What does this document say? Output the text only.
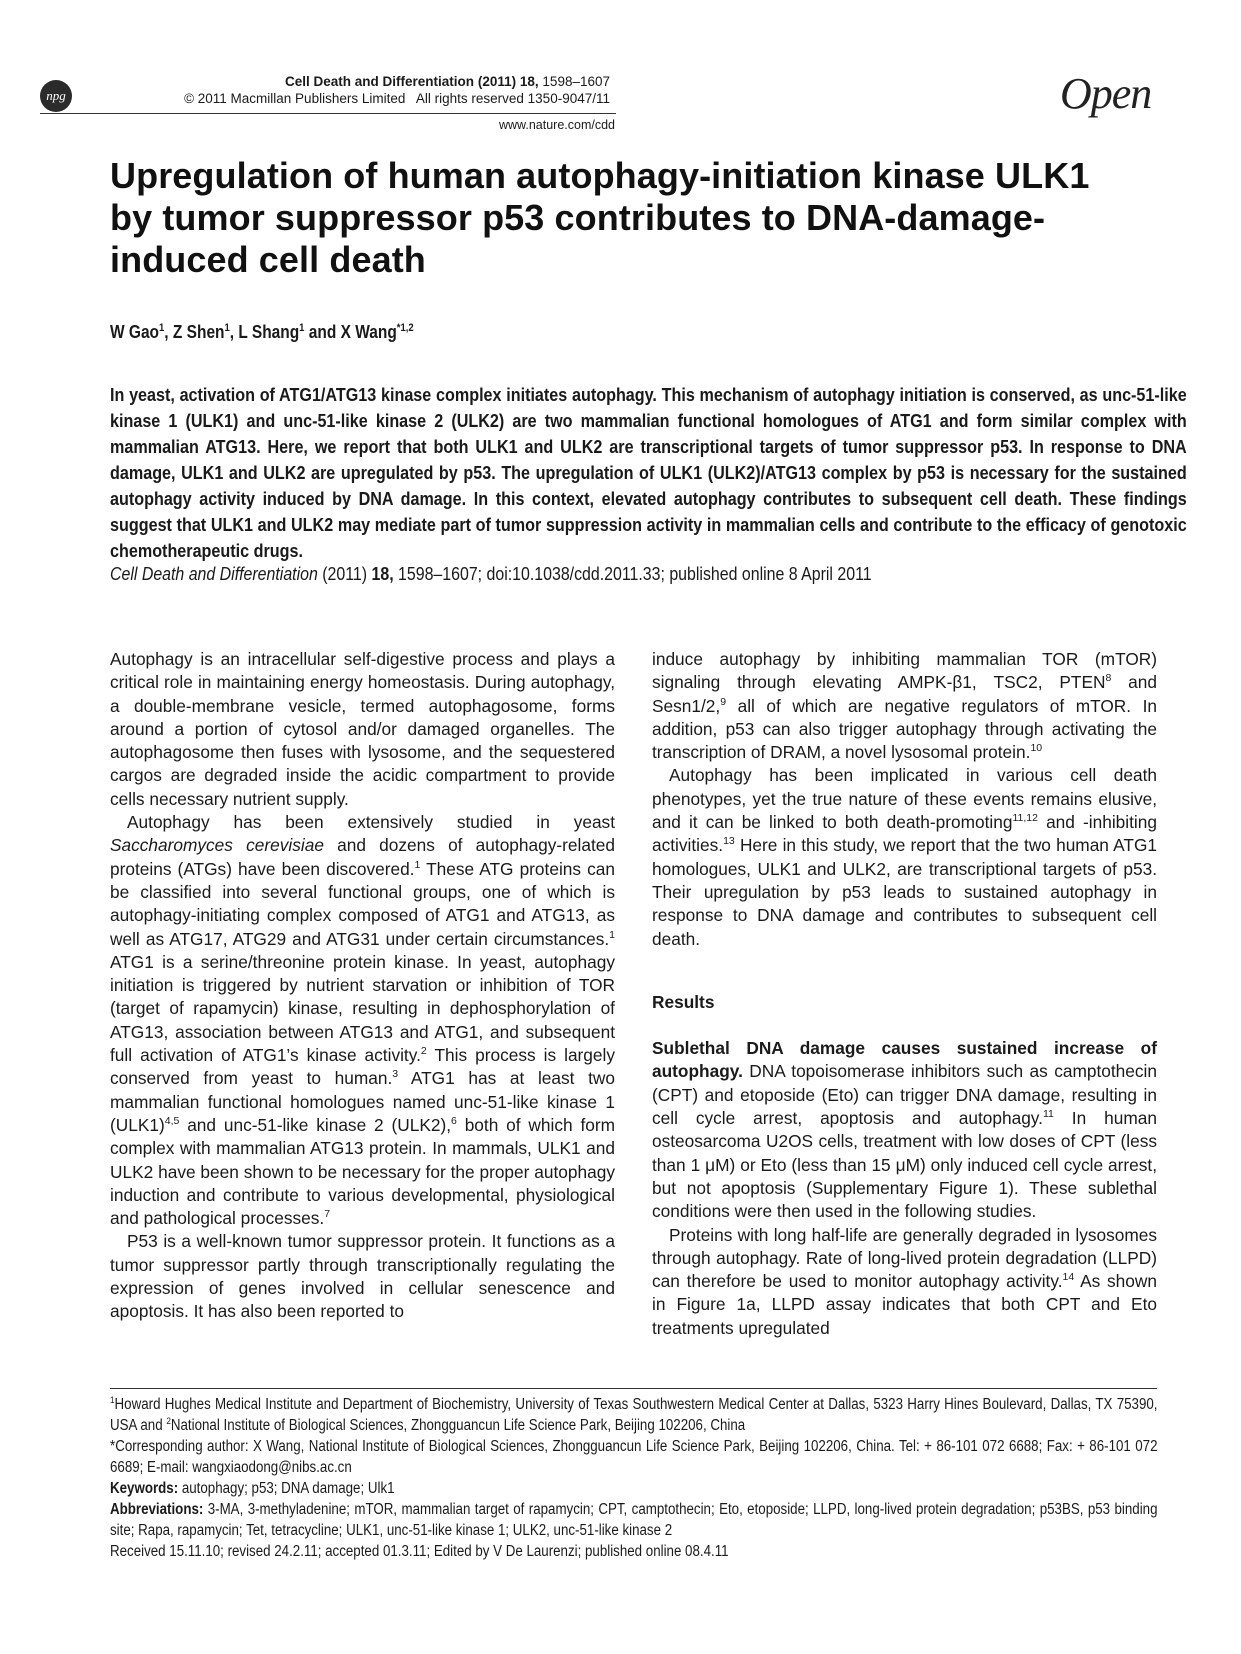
npg
Cell Death and Differentiation (2011) 18, 1598–1607
© 2011 Macmillan Publishers Limited All rights reserved 1350-9047/11
www.nature.com/cdd
Open
Upregulation of human autophagy-initiation kinase ULK1 by tumor suppressor p53 contributes to DNA-damage-induced cell death
W Gao$^1$, Z Shen$^1$, L Shang$^1$ and X Wang$^{*1,2}$

In yeast, activation of ATG1/ATG13 kinase complex initiates autophagy. This mechanism of autophagy initiation is conserved, as unc-51-like kinase 1 (ULK1) and unc-51-like kinase 2 (ULK2) are two mammalian functional homologues of ATG1 and form similar complex with mammalian ATG13. Here, we report that both ULK1 and ULK2 are transcriptional targets of tumor suppressor p53. In response to DNA damage, ULK1 and ULK2 are upregulated by p53. The upregulation of ULK1 (ULK2)/ATG13 complex by p53 is necessary for the sustained autophagy activity induced by DNA damage. In this context, elevated autophagy contributes to subsequent cell death. These findings suggest that ULK1 and ULK2 may mediate part of tumor suppression activity in mammalian cells and contribute to the efficacy of genotoxic chemotherapeutic drugs.

Cell Death and Differentiation (2011) 18, 1598–1607; doi:10.1038/cdd.2011.33; published online 8 April 2011

Autophagy is an intracellular self-digestive process and plays a critical role in maintaining energy homeostasis. During autophagy, a double-membrane vesicle, termed autophagosome, forms around a portion of cytosol and/or damaged organelles. The autophagosome then fuses with lysosome, and the sequestered cargos are degraded inside the acidic compartment to provide cells necessary nutrient supply.

Autophagy has been extensively studied in yeast Saccharomyces cerevisiae and dozens of autophagy-related proteins (ATGs) have been discovered.$^1$ These ATG proteins can be classified into several functional groups, one of which is autophagy-initiating complex composed of ATG1 and ATG13, as well as ATG17, ATG29 and ATG31 under certain circumstances.$^1$ ATG1 is a serine/threonine protein kinase. In yeast, autophagy initiation is triggered by nutrient starvation or inhibition of TOR (target of rapamycin) kinase, resulting in dephosphorylation of ATG13, association between ATG13 and ATG1, and subsequent full activation of ATG1’s kinase activity.$^2$ This process is largely conserved from yeast to human.$^3$ ATG1 has at least two mammalian functional homologues named unc-51-like kinase 1 $(ULK1)^{4,5}$ and unc-51-like kinase 2 (ULK2),$^6$ both of which form complex with mammalian ATG13 protein. In mammals, ULK1 and ULK2 have been shown to be necessary for the proper autophagy induction and contribute to various developmental, physiological and pathological processes.$^7$

P53 is a well-known tumor suppressor protein. It functions as a tumor suppressor partly through transcriptionally regulating the expression of genes involved in cellular senescence and apoptosis. It has also been reported to

induce autophagy by inhibiting mammalian TOR (mTOR) signaling through elevating AMPK-β1, TSC2, PTEN$^8$ and Sesn1/2,$^9$ all of which are negative regulators of mTOR. In addition, p53 can also trigger autophagy through activating the transcription of DRAM, a novel lysosomal protein.$^{10}$

Autophagy has been implicated in various cell death phenotypes, yet the true nature of these events remains elusive, and it can be linked to both death-promoting$^{11,12}$ and -inhibiting activities.$^{13}$ Here in this study, we report that the two human ATG1 homologues, ULK1 and ULK2, are transcriptional targets of p53. Their upregulation by p53 leads to sustained autophagy in response to DNA damage and contributes to subsequent cell death.

Results

Sublethal DNA damage causes sustained increase of autophagy. DNA topoisomerase inhibitors such as camptothecin (CPT) and etoposide (Eto) can trigger DNA damage, resulting in cell cycle arrest, apoptosis and autophagy.$^{11}$ In human osteosarcoma U2OS cells, treatment with low doses of CPT (less than 1 μM) or Eto (less than 15 μM) only induced cell cycle arrest, but not apoptosis (Supplementary Figure 1). These sublethal conditions were then used in the following studies.

Proteins with long half-life are generally degraded in lysosomes through autophagy. Rate of long-lived protein degradation (LLPD) can therefore be used to monitor autophagy activity.$^{14}$ As shown in Figure 1a, LLPD assay indicates that both CPT and Eto treatments upregulated

$^1$Howard Hughes Medical Institute and Department of Biochemistry, University of Texas Southwestern Medical Center at Dallas, 5323 Harry Hines Boulevard, Dallas, TX 75390, USA and $^2$National Institute of Biological Sciences, Zhongguancun Life Science Park, Beijing 102206, China

*Corresponding author: X Wang, National Institute of Biological Sciences, Zhongguancun Life Science Park, Beijing 102206, China. Tel: + 86-101 072 6688; Fax: + 86-101 072 6689; E-mail: wangxiaodong@nibs.ac.cn

Keywords: autophagy; p53; DNA damage; Ulk1

Abbreviations: 3-MA, 3-methyladenine; mTOR, mammalian target of rapamycin; CPT, camptothecin; Eto, etoposide; LLPD, long-lived protein degradation; p53BS, p53 binding site; Rapa, rapamycin; Tet, tetracycline; ULK1, unc-51-like kinase 1; ULK2, unc-51-like kinase 2

Received 15.11.10; revised 24.2.11; accepted 01.3.11; Edited by V De Laurenzi; published online 08.4.11
